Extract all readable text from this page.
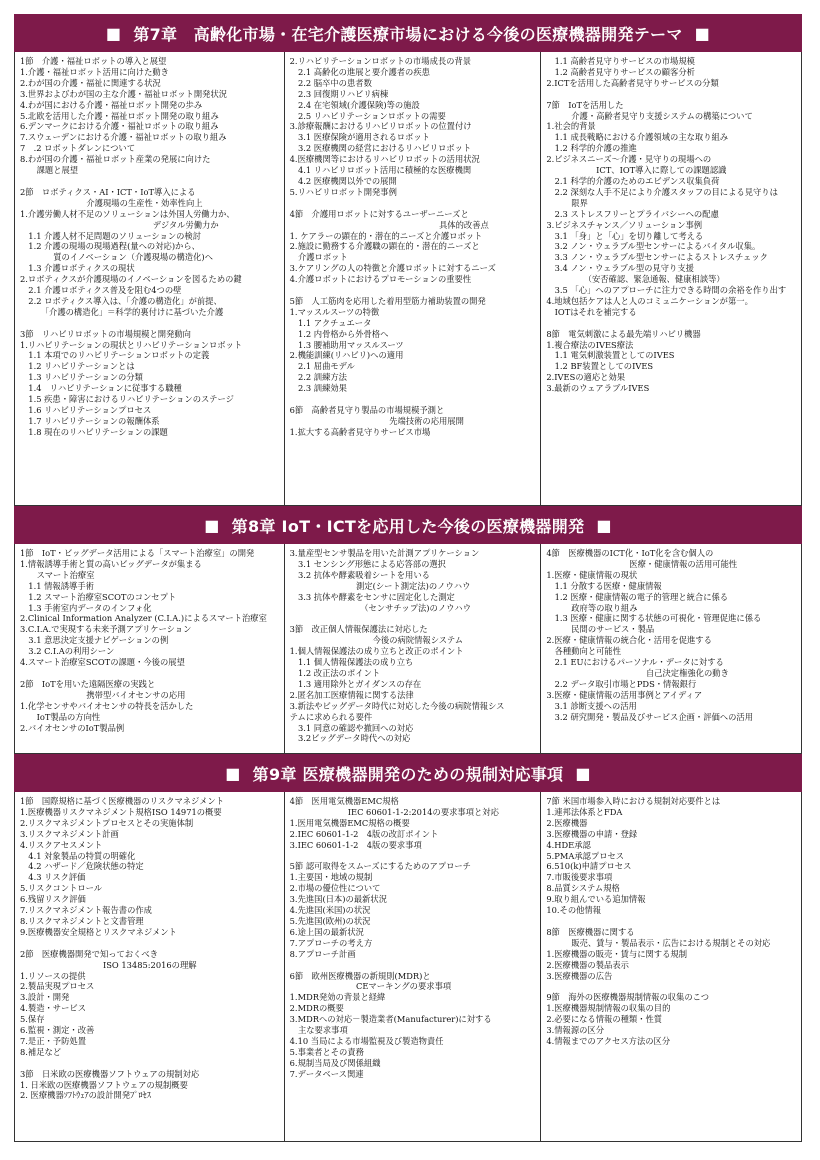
■ 第7章　高齢化市場・在宅介護医療市場における今後の医療機器開発テーマ ■
1節　介護・福祉ロボットの導入と展望
1.介護・福祉ロボット活用に向けた動き
2.わが国の介護・福祉に関連する状況
3.世界およびわが国の主な介護・福祉ロボット開発状況
4.わが国における介護・福祉ロボット開発の歩み
5.北欧を活用した介護・福祉ロボット開発の取り組み
6.デンマークにおける介護・福祉ロボットの取り組み
7.スウェーデンにおける介護・福祉ロボットの取り組み
7　.2 ロボットダレンについて
8.わが国の介護・福祉ロボット産業の発展に向けた
　　課題と展望

2節　ロボティクス・AI・ICT・IoT導入による
　　　　　　　　介護現場の生産性・効率性向上
1.介護労働人材不足のソリューションは外国人労働力か、
　　　　　　　　　　　　　　　　デジタル労働力か
　1.1 介護人材不足問題のソリューションの検討
　1.2 介護の現場の現場過程(量への対応)から、
　　　　質のイノベーション（介護現場の構造化)へ
　1.3 介護ロボティクスの現状
2.ロボティクスが介護現場のイノベーションを図るための鍵
　2.1 介護ロボティクス普及を阻む4つの壁
　2.2 ロボティクス導入は、「介護の構造化」が前提、
　　　「介護の構造化」＝科学的裏付けに基づいた介護

3節　リハビリロボットの市場規模と開発動向
1.リハビリテーションの現状とリハビリテーションロボット
　1.1 本項でのリハビリテーションロボットの定義
　1.2 リハビリテーションとは
　1.3 リハビリテーションの分類
　1.4　リハビリテーションに従事する職種
　1.5 疾患・障害におけるリハビリテーションのステージ
　1.6 リハビリテーションプロセス
　1.7 リハビリテーションの報酬体系
　1.8 現在のリハビリテーションの課題
2.リハビリテーションロボットの市場成長の背景
　2.1 高齢化の進展と要介護者の疾患
　2.2 脳卒中の患者数
　2.3 回復期リハビリ病棟
　2.4 在宅領域(介護保険)等の施設
　2.5 リハビリテーションロボットの需要
3.診療報酬におけるリハビリロボットの位置付け
　3.1 医療保険が適用されるロボット
　3.2 医療機関の経営におけるリハビリロボット
4.医療機関等におけるリハビリロボットの活用状況
　4.1 リハビリロボット活用に積極的な医療機関
　4.2 医療機関以外での展開
5.リハビリロボット開発事例

4節　介護用ロボットに対するユーザーニーズと
　　　　　　　　　　　　　　　　　　具体的改善点
1. ケアラーの顕在的・潜在的ニーズと介護ロボット
2.施設に勤務する介護職の顕在的・潜在的ニーズと
　介護ロボット
3.ケアリングの人の特徴と介護ロボットに対するニーズ
4.介護ロボットにおけるプロモーションの重要性

5節　人工筋肉を応用した着用型筋力補助装置の開発
1.マッスルスーツの特徴
　1.1 アクチュエータ
　1.2 内骨格から外骨格へ
　1.3 腰補助用マッスルスーツ
2.機能訓練(リハビリ)への適用
　2.1 屈曲モデル
　2.2 訓練方法
　2.3 訓練効果

6節　高齢者見守り製品の市場規模予測と
　　　　　　　　　　　　先端技術の応用展開
1.拡大する高齢者見守りサービス市場
　1.1 高齢者見守りサービスの市場規模
　1.2 高齢者見守りサービスの顧客分析
2.ICTを活用した高齢者見守りサービスの分類

7節　IoTを活用した
　　　介護・高齢者見守り支援システムの構築について
1.社会的背景
　1.1 成長戦略における介護領域の主な取り組み
　1.2 科学的介護の推進
2.ビジネスニーズ～介護・見守りの現場への
　　　　　　ICT、IOT導入に際しての課題認識
　2.1 科学的介護のためのエビデンス収集負荷
　2.2 深刻な人手不足により介護スタッフの目による見守りは
　　　限界
　2.3 ストレスフリーとプライバシーへの配慮
3.ビジネスチャンス／ソリューション事例
　3.1 「身」と「心」を切り離して考える
　3.2 ノン・ウェラブル型センサーによるバイタル収集。
　3.3 ノン・ウェラブル型センサーによるストレスチェック
　3.4 ノン・ウェラブル型の見守り支援
　　　　　（安否確認、緊急通報、健康相談等）
　3.5 「心」へのアプローチに注力できる時間の余裕を作り出す
4.地域包括ケアは人と人のコミュニケーションが第一。
　IOTはそれを補完する

8節　電気刺激による最先端リハビリ機器
1.複合療法のIVES療法
　1.1 電気刺激装置としてのIVES
　1.2 BF装置としてのIVES
2.IVESの適応と効果
3.最新のウェアラブルIVES
■ 第8章 IoT・ICTを応用した今後の医療機器開発 ■
1節　IoT・ビッグデータ活用による「スマート治療室」の開発
1.情報誘導手術と質の高いビッグデータが集まる
　　スマート治療室
　1.1 情報誘導手術
　1.2 スマート治療室SCOTのコンセプト
　1.3 手術室内データのインフォ化
2.Clinical Information Analyzer (C.I.A.)によるスマート治療室
3.C.I.A.で実現する未来予測アプリケーション
　3.1 意思決定支援ナビゲーションの例
　3.2 C.I.Aの利用シーン
4.スマート治療室SCOTの課題・今後の展望

2節　IoTを用いた遠隔医療の実践と
　　　　　　　　携帯型バイオセンサの応用
1.化学センサやバイオセンサの特長を活かした
　　IoT製品の方向性
2.バイオセンサのIoT製品例
3.量産型センサ製品を用いた計測アプリケーション
　3.1 センシング形態による応答部の選択
　3.2 抗体や酵素吸着シートを用いる
　　　　　　　　測定(シート測定法)のノウハウ
　3.3 抗体や酵素をセンサに固定化した測定
　　　　　　　　　（センサチップ法)のノウハウ

3節　改正個人情報保護法に対応した
　　　　　　　　　　今後の病院情報システム
1.個人情報保護法の成り立ちと改正のポイント
　1.1 個人情報保護法の成り立ち
　1.2 改正法のポイント
　1.3 適用除外とガイダンスの存在
2.匿名加工医療情報に関する法律
3.新法やビッグデータ時代に対応した今後の病院情報シス
テムに求められる要件
　3.1 同意の確認や撤回への対応
　3.2ビッグデータ時代への対応
4節　医療機器のICT化・IoT化を含む個人の
　　　　　　　　　　医療・健康情報の活用可能性
1.医療・健康情報の現状
　1.1 分散する医療・健康情報
　1.2 医療・健康情報の電子的管理と統合に係る
　　　政府等の取り組み
　1.3 医療・健康に関する状態の可視化・管理促進に係る
　　　民間のサービス・製品
2.医療・健康情報の統合化・活用を促進する
　各種動向と可能性
　2.1 EUにおけるパーソナル・データに対する
　　　　　　　　　　　　自己決定権強化の動き
　2.2 データ取引市場とPDS・情報銀行
3.医療・健康情報の活用事例とアイディア
　3.1 診断支援への活用
　3.2 研究開発・製品及びサービス企画・評価への活用
■ 第9章 医療機器開発のための規制対応事項 ■
1節　国際規格に基づく医療機器のリスクマネジメント
1.医療機器リスクマネジメント規格ISO 14971の概要
2.リスクマネジメントプロセスとその実施体制
3.リスクマネジメント計画
4.リスクアセスメント
　4.1 対象製品の特質の明確化
　4.2 ハザード／危険状態の特定
　4.3 リスク評価
5.リスクコントロール
6.残留リスク評価
7.リスクマネジメント報告書の作成
8.リスクマネジメントと文書管理
9.医療機器安全規格とリスクマネジメント

2節　医療機器開発で知っておくべき
　　　　　　　　　　ISO 13485:2016の理解
1.リソースの提供
2.製品実現プロセス
3.設計・開発
4.製造・サービス
5.保存
6.監視・測定・改善
7.是正・予防処置
8.補足など

3節　日米欧の医療機器ソフトウェアの規制対応
1. 日米欧の医療機器ソフトウェアの規制概要
2. 医療機器ｿﾌﾄｳｪｱの設計開発ﾌﾟﾛｾｽ
4節　医用電気機器EMC規格
　　　　　　　IEC 60601-1-2:2014の要求事項と対応
1.医用電気機器EMC規格の概要
2.IEC 60601-1-2　4版の改訂ポイント
3.IEC 60601-1-2　4版の要求事項

5節 認可取得をスムーズにするためのアプローチ
1.主要国・地域の規制
2.市場の優位性について
3.先進国(日本)の最新状況
4.先進国(米国)の状況
5.先進国(欧州)の状況
6.途上国の最新状況
7.アプローチの考え方
8.アプローチ計画

6節　欧州医療機器の新規則(MDR)と
　　　　　　　　CEマーキングの要求事項
1.MDR発効の背景と経緯
2.MDRの概要
3.MDRへの対応－製造業者(Manufacturer)に対する
　主な要求事項
4.10 当局による市場監視及び製造物責任
5.事業者とその責務
6.規制当局及び関係組織
7.データベース関連
7節 米国市場参入時における規制対応要件とは
1.連邦法体系とFDA
2.医療機器
3.医療機器の申請・登録
4.HDE承認
5.PMA承認プロセス
6.510(k)申請プロセス
7.市販後要求事項
8.品質システム規格
9.取り組んでいる追加情報
10.その他情報

8節　医療機器に関する
　　　販売、賃与・製品表示・広告における規制とその対応
1.医療機器の販売・賃与に関する規制
2.医療機器の製品表示
3.医療機器の広告

9節　海外の医療機器規制情報の収集のこつ
1.医療機器規制情報の収集の目的
2.必要になる情報の種類・性質
3.情報源の区分
4.情報までのアクセス方法の区分
